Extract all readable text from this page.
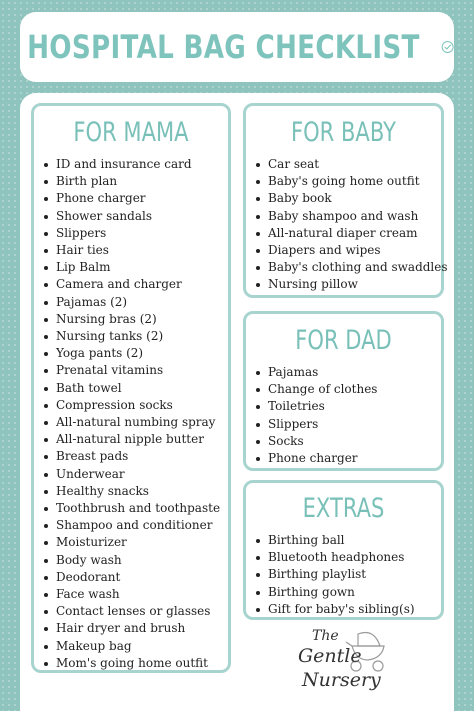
HOSPITAL BAG CHECKLIST
FOR MAMA
ID and insurance card
Birth plan
Phone charger
Shower sandals
Slippers
Hair ties
Lip Balm
Camera and charger
Pajamas (2)
Nursing bras (2)
Nursing tanks (2)
Yoga pants (2)
Prenatal vitamins
Bath towel
Compression socks
All-natural numbing spray
All-natural nipple butter
Breast pads
Underwear
Healthy snacks
Toothbrush and toothpaste
Shampoo and conditioner
Moisturizer
Body wash
Deodorant
Face wash
Contact lenses or glasses
Hair dryer and brush
Makeup bag
Mom's going home outfit
FOR BABY
Car seat
Baby's going home outfit
Baby book
Baby shampoo and wash
All-natural diaper cream
Diapers and wipes
Baby's clothing and swaddles
Nursing pillow
FOR DAD
Pajamas
Change of clothes
Toiletries
Slippers
Socks
Phone charger
EXTRAS
Birthing ball
Bluetooth headphones
Birthing playlist
Birthing gown
Gift for baby's sibling(s)
The
Gentle
Nursery
